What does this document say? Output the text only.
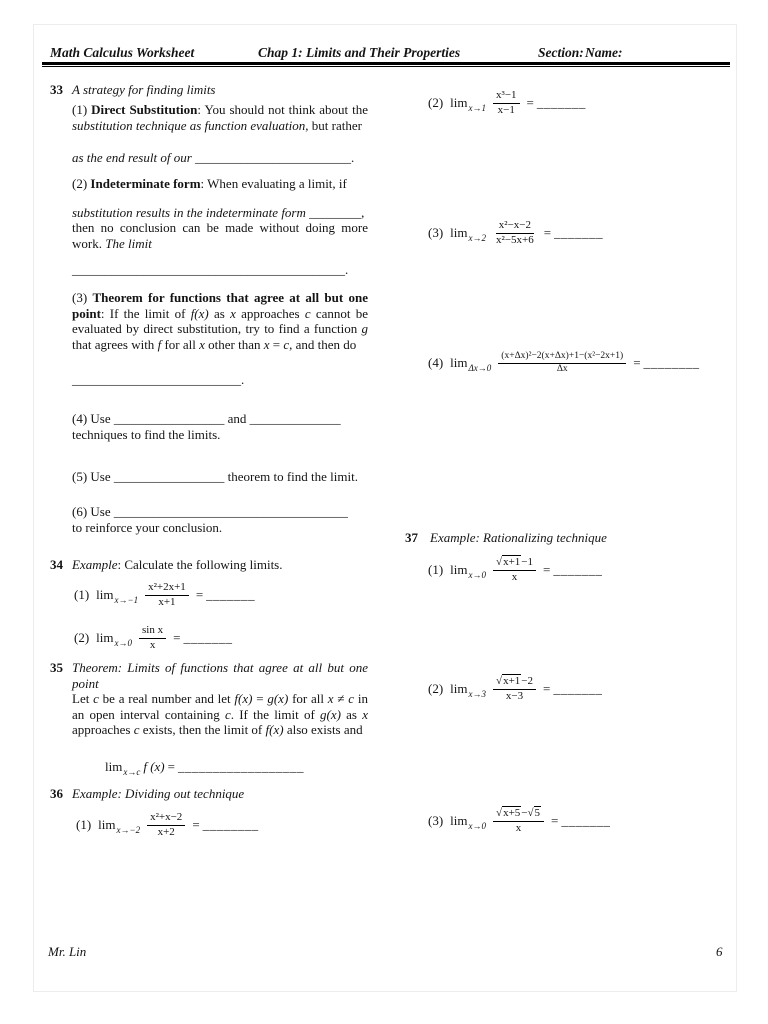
Math Calculus Worksheet	Chap 1: Limits and Their Properties	Section: Name:
33 A strategy for finding limits
(1) Direct Substitution: You should not think about the substitution technique as function evaluation, but rather
as the end result of our ________________________.
(2) Indeterminate form: When evaluating a limit, if
substitution results in the indeterminate form ________,
then no conclusion can be made without doing more work. The limit
__________________________________________.
(3) Theorem for functions that agree at all but one point: If the limit of f(x) as x approaches c cannot be evaluated by direct substitution, try to find a function g that agrees with f for all x other than x = c, and then do
__________________________.
(4) Use _________________ and ______________
techniques to find the limits.
(5) Use _________________ theorem to find the limit.
(6) Use ____________________________________
to reinforce your conclusion.
34 Example: Calculate the following limits.
(1) $\lim_{x\to-1} \frac{\text{x²+2x+1}}{x+1}$ = _______
(2) $\lim_{x\to 0} \frac{\text{sin x}}{x}$ = _______
35 Theorem: Limits of functions that agree at all but one point
Let c be a real number and let f(x) = g(x) for all x ≠ c in an open interval containing c. If the limit of g(x) as x approaches c exists, then the limit of f(x) also exists and
$\lim_{x\to c} f$ (x) = __________________
36 Example: Dividing out technique
(1) $\lim_{x\to-2} \frac{\text{x²+x−2}}{x+2}$ = ________
(2) $\lim_{x\to 1} \frac{\text{x³−1}}{x-1}$ = _______
(3) $\lim_{x\to 2} \frac{\text{x²−x−2}}{\text{x²−5x+6}}$ = _______
(4) $\lim_{\Delta x\to 0} \frac{\text{(x+Δx)²−2(x+Δx)+1−(x²−2x+1)}}{\Delta x}$ = ________
37 Example: Rationalizing technique
(1) $\lim_{x\to 0} \frac{√x+1-1}{x}$ = _______
(2) $\lim_{x\to 3} \frac{√x+1-2}{x-3}$ = _______
(3) $\lim_{x\to 0} \frac{√x+5-√5}{x}$ = _______
Mr. Lin	6
